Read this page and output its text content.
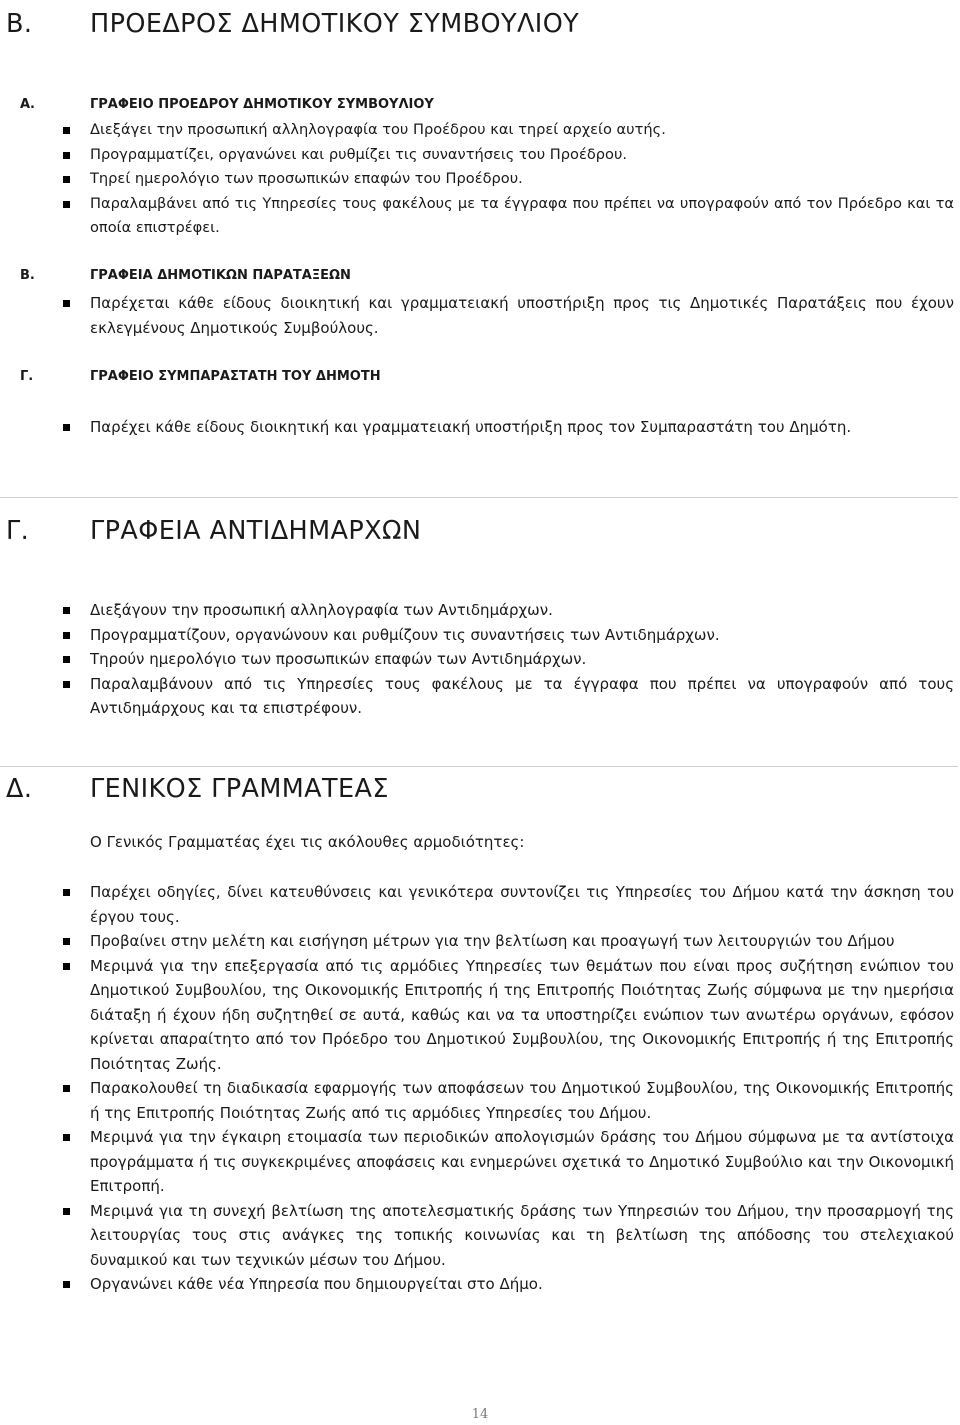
Β. ΠΡΟΕΔΡΟΣ ΔΗΜΟΤΙΚΟΥ ΣΥΜΒΟΥΛΙΟΥ
Α.	ΓΡΑΦΕΙΟ ΠΡΟΕΔΡΟΥ ΔΗΜΟΤΙΚΟΥ ΣΥΜΒΟΥΛΙΟΥ
Διεξάγει την προσωπική αλληλογραφία του Προέδρου και τηρεί αρχείο αυτής.
Προγραμματίζει, οργανώνει και ρυθμίζει τις συναντήσεις του Προέδρου.
Τηρεί ημερολόγιο των προσωπικών επαφών του Προέδρου.
Παραλαμβάνει από τις Υπηρεσίες τους φακέλους με τα έγγραφα που πρέπει να υπογραφούν από τον Πρόεδρο και τα οποία επιστρέφει.
Β.	ΓΡΑΦΕΙΑ ΔΗΜΟΤΙΚΩΝ ΠΑΡΑΤΑΞΕΩΝ
Παρέχεται κάθε είδους διοικητική και γραμματειακή υποστήριξη προς τις Δημοτικές Παρατάξεις που έχουν εκλεγμένους Δημοτικούς Συμβούλους.
Γ.	ΓΡΑΦΕΙΟ ΣΥΜΠΑΡΑΣΤΑΤΗ ΤΟΥ ΔΗΜΟΤΗ
Παρέχει κάθε είδους διοικητική και γραμματειακή υποστήριξη προς τον Συμπαραστάτη του Δημότη.
Γ. ΓΡΑΦΕΙΑ ΑΝΤΙΔΗΜΑΡΧΩΝ
Διεξάγουν την προσωπική αλληλογραφία των Αντιδημάρχων.
Προγραμματίζουν, οργανώνουν και ρυθμίζουν τις συναντήσεις των Αντιδημάρχων.
Τηρούν ημερολόγιο των προσωπικών επαφών των Αντιδημάρχων.
Παραλαμβάνουν από τις Υπηρεσίες τους φακέλους με τα έγγραφα που πρέπει να υπογραφούν από τους Αντιδημάρχους και τα επιστρέφουν.
Δ. ΓΕΝΙΚΟΣ ΓΡΑΜΜΑΤΕΑΣ
Ο Γενικός Γραμματέας έχει τις ακόλουθες αρμοδιότητες:
Παρέχει οδηγίες, δίνει κατευθύνσεις και γενικότερα συντονίζει τις Υπηρεσίες του Δήμου κατά την άσκηση του έργου τους.
Προβαίνει στην μελέτη και εισήγηση μέτρων για την βελτίωση και προαγωγή των λειτουργιών του Δήμου
Μεριμνά για την επεξεργασία από τις αρμόδιες Υπηρεσίες των θεμάτων που είναι προς συζήτηση ενώπιον του Δημοτικού Συμβουλίου, της Οικονομικής Επιτροπής ή της Επιτροπής Ποιότητας Ζωής σύμφωνα με την ημερήσια διάταξη ή έχουν ήδη συζητηθεί σε αυτά, καθώς και να τα υποστηρίζει ενώπιον των ανωτέρω οργάνων, εφόσον κρίνεται απαραίτητο από τον Πρόεδρο του Δημοτικού Συμβουλίου, της Οικονομικής Επιτροπής ή της Επιτροπής Ποιότητας Ζωής.
Παρακολουθεί τη διαδικασία εφαρμογής των αποφάσεων του Δημοτικού Συμβουλίου, της Οικονομικής Επιτροπής ή της Επιτροπής Ποιότητας Ζωής από τις αρμόδιες Υπηρεσίες του Δήμου.
Μεριμνά για την έγκαιρη ετοιμασία των περιοδικών απολογισμών δράσης του Δήμου σύμφωνα με τα αντίστοιχα προγράμματα ή τις συγκεκριμένες αποφάσεις και ενημερώνει σχετικά το Δημοτικό Συμβούλιο και την Οικονομική Επιτροπή.
Μεριμνά για τη συνεχή βελτίωση της αποτελεσματικής δράσης των Υπηρεσιών του Δήμου, την προσαρμογή της λειτουργίας τους στις ανάγκες της τοπικής κοινωνίας και τη βελτίωση της απόδοσης του στελεχιακού δυναμικού και των τεχνικών μέσων του Δήμου.
Οργανώνει κάθε νέα Υπηρεσία που δημιουργείται στο Δήμο.
14
